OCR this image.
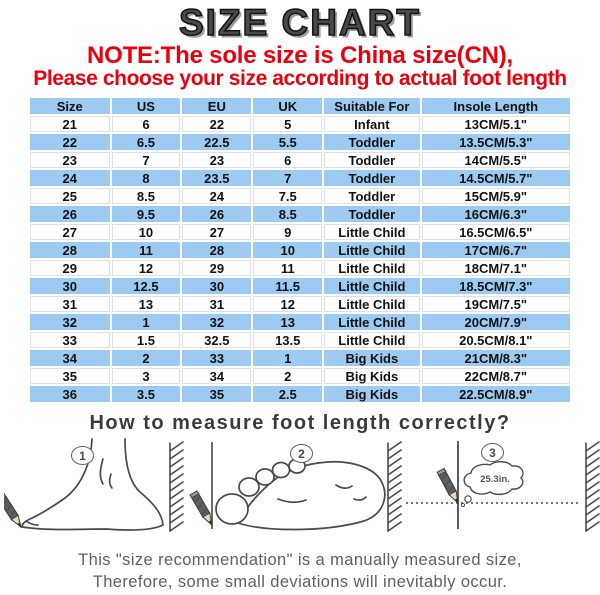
SIZE CHART
NOTE:The sole size is China size(CN),
Please choose your size according to actual foot length
Size	US	EU	UK	Suitable For	Insole Length
21	6	22	5	Infant	13CM/5.1"
22	6.5	22.5	5.5	Toddler	13.5CM/5.3"
23	7	23	6	Toddler	14CM/5.5"
24	8	23.5	7	Toddler	14.5CM/5.7"
25	8.5	24	7.5	Toddler	15CM/5.9"
26	9.5	26	8.5	Toddler	16CM/6.3"
27	10	27	9	Little Child	16.5CM/6.5"
28	11	28	10	Little Child	17CM/6.7"
29	12	29	11	Little Child	18CM/7.1"
30	12.5	30	11.5	Little Child	18.5CM/7.3"
31	13	31	12	Little Child	19CM/7.5"
32	1	32	13	Little Child	20CM/7.9"
33	1.5	32.5	13.5	Little Child	20.5CM/8.1"
34	2	33	1	Big Kids	21CM/8.3"
35	3	34	2	Big Kids	22CM/8.7"
36	3.5	35	2.5	Big Kids	22.5CM/8.9"
How to measure foot length correctly?
25.3in.
1	2	3
This "size recommendation" is a manually measured size,
Therefore, some small deviations will inevitably occur.
